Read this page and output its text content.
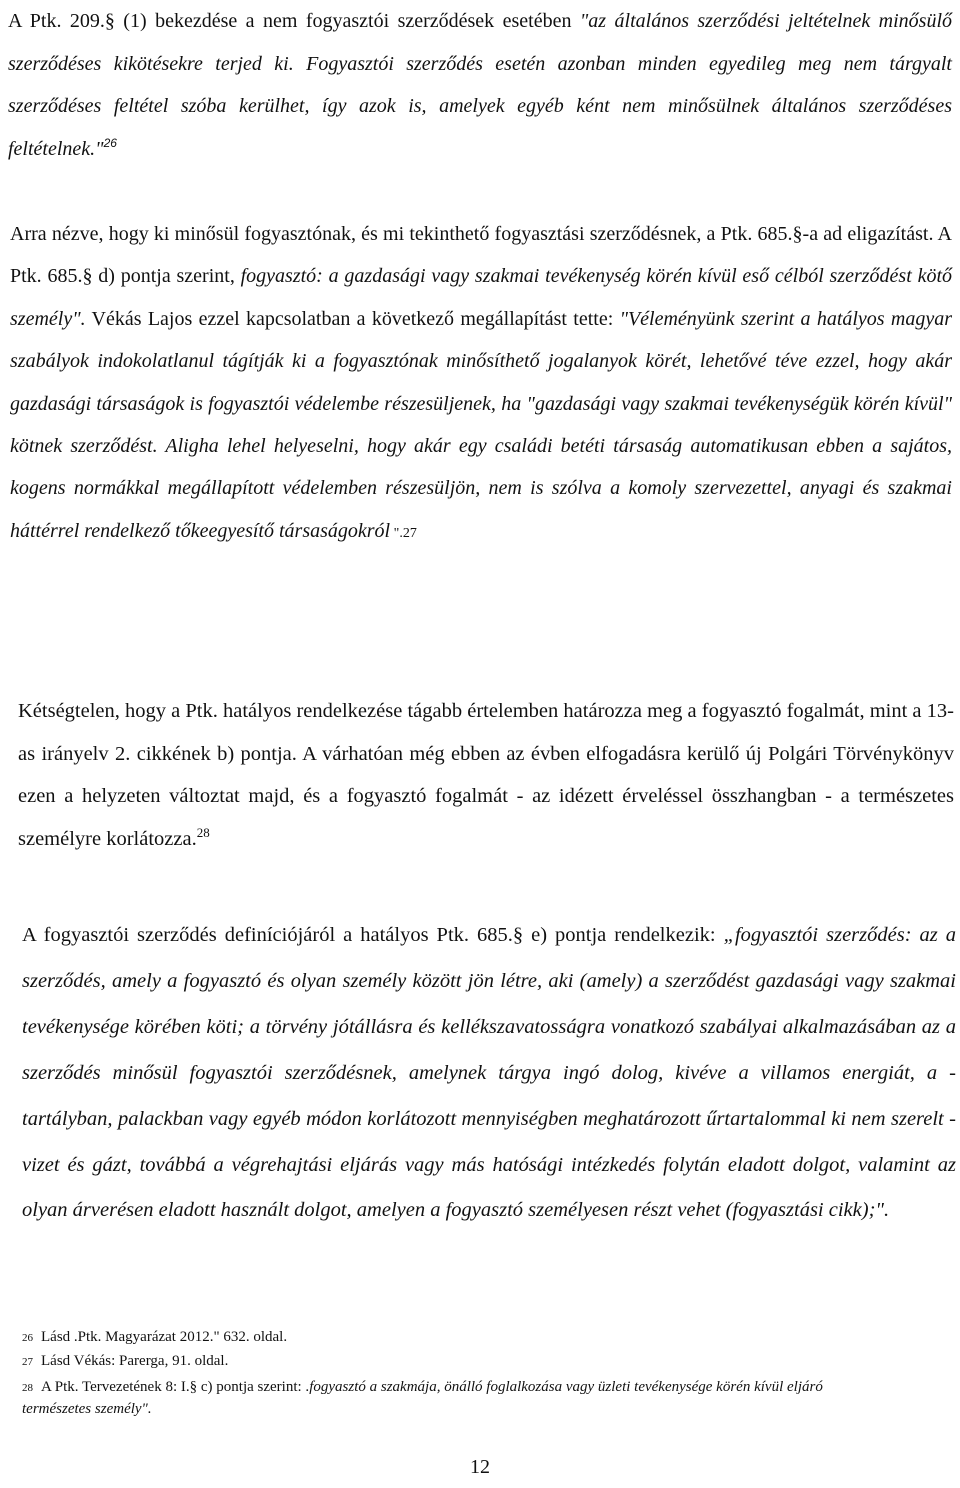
A Ptk. 209.§ (1) bekezdése a nem fogyasztói szerződések esetében "az általános szerződési jeltételnek minősülő szerződéses kikötésekre terjed ki. Fogyasztói szerződés esetén azonban minden egyedileg meg nem tárgyalt szerződéses feltétel szóba kerülhet, így azok is, amelyek egyéb ként nem minősülnek általános szerződéses feltételnek."$^{26}$

Arra nézve, hogy ki minősül fogyasztónak, és mi tekinthető fogyasztási szerződésnek, a Ptk. 685.§-a ad eligazítást. A Ptk. 685.§ d) pontja szerint, fogyasztó: a gazdasági vagy szakmai tevékenység körén kívül eső célból szerződést kötő személy". Vékás Lajos ezzel kapcsolatban a következő megállapítást tette: "Véleményünk szerint a hatályos magyar szabályok indokolatlanul tágítják ki a fogyasztónak minősíthető jogalanyok körét, lehetővé téve ezzel, hogy akár gazdasági társaságok is fogyasztói védelembe részesüljenek, ha "gazdasági vagy szakmai tevékenységük körén kívül" kötnek szerződést. Aligha lehel helyeselni, hogy akár egy családi betéti társaság automatikusan ebben a sajátos, kogens normákkal megállapított védelemben részesüljön, nem is szólva a komoly szervezettel, anyagi és szakmai háttérrel rendelkező tőkeegyesítő társaságokról ".27

Kétségtelen, hogy a Ptk. hatályos rendelkezése tágabb értelemben határozza meg a fogyasztó fogalmát, mint a 13-as irányelv 2. cikkének b) pontja. A várhatóan még ebben az évben elfogadásra kerülő új Polgári Törvénykönyv ezen a helyzeten változtat majd, és a fogyasztó fogalmát - az idézett érveléssel összhangban - a természetes személyre korlátozza.$^{28}$

A fogyasztói szerződés definíciójáról a hatályos Ptk. 685.§ e) pontja rendelkezik: „fogyasztói szerződés: az a szerződés, amely a fogyasztó és olyan személy között jön létre, aki (amely) a szerződést gazdasági vagy szakmai tevékenysége körében köti; a törvény jótállásra és kellékszavatosságra vonatkozó szabályai alkalmazásában az a szerződés minősül fogyasztói szerződésnek, amelynek tárgya ingó dolog, kivéve a villamos energiát, a - tartályban, palackban vagy egyéb módon korlátozott mennyiségben meghatározott űrtartalommal ki nem szerelt - vizet és gázt, továbbá a végrehajtási eljárás vagy más hatósági intézkedés folytán eladott dolgot, valamint az olyan árverésen eladott használt dolgot, amelyen a fogyasztó személyesen részt vehet (fogyasztási cikk);".

26 Lásd .Ptk. Magyarázat 2012." 632. oldal.

27 Lásd Vékás: Parerga, 91. oldal.

28 A Ptk. Tervezetének 8: I.§ c) pontja szerint: .fogyasztó a szakmája, önálló foglalkozása vagy üzleti tevékenysége körén kívül eljáró természetes személy".

12
